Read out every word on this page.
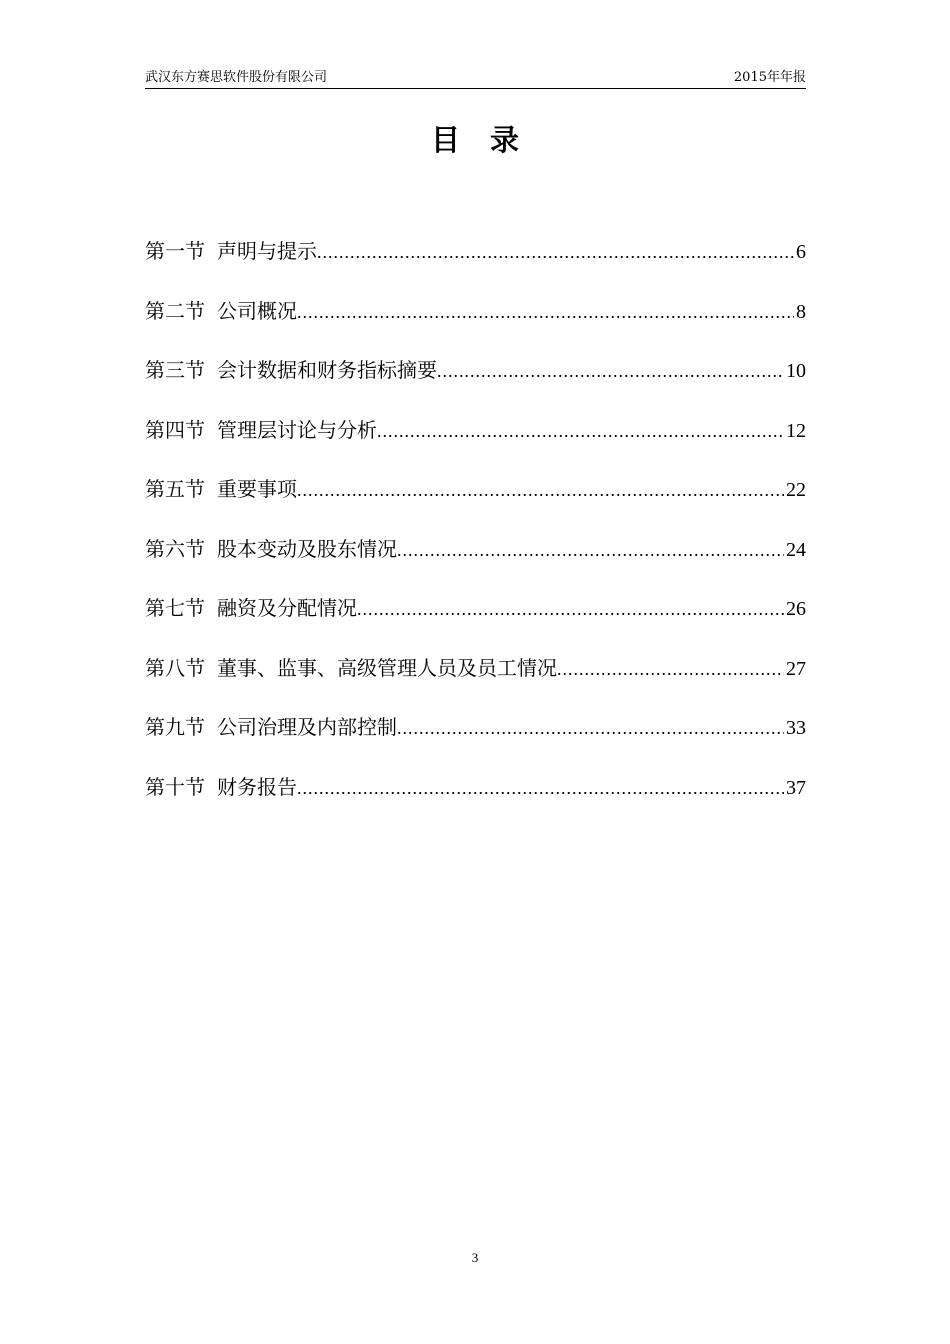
武汉东方赛思软件股份有限公司	2015年年报
目录
第一节 声明与提示 .....	6
第二节 公司概况 .....	8
第三节 会计数据和财务指标摘要 .....	10
第四节 管理层讨论与分析 .....	12
第五节 重要事项 .....	22
第六节 股本变动及股东情况 .....	24
第七节 融资及分配情况 .....	26
第八节 董事、监事、高级管理人员及员工情况 .....	27
第九节 公司治理及内部控制 .....	33
第十节 财务报告 .....	37
3
